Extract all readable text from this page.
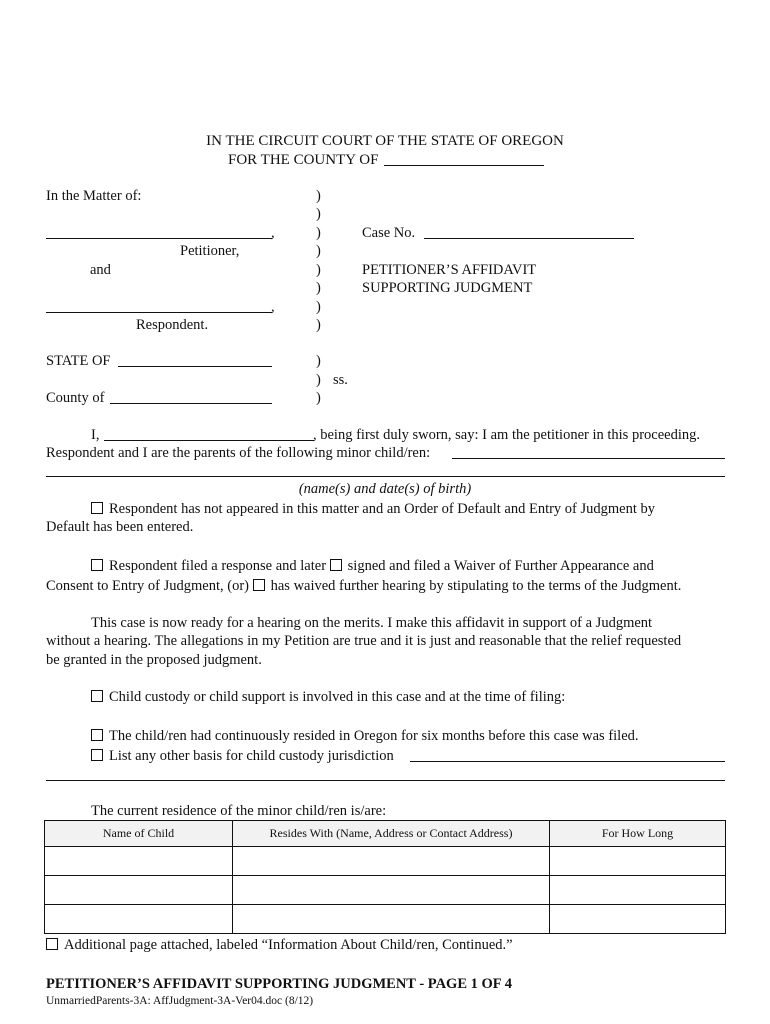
IN THE CIRCUIT COURT OF THE STATE OF OREGON
FOR THE COUNTY OF
In the Matter of:
,
Petitioner,
and
,
Respondent.
)
)
)
)
)
)
)
)
Case No.
PETITIONER’S AFFIDAVIT
SUPPORTING JUDGMENT
STATE OF	)
) ss.
)
County of
I,	, being first duly sworn, say: I am the petitioner in this proceeding.
Respondent and I are the parents of the following minor child/ren:
(name(s) and date(s) of birth)
Respondent has not appeared in this matter and an Order of Default and Entry of Judgment by
Default has been entered.
Respondent filed a response and later signed and filed a Waiver of Further Appearance and
Consent to Entry of Judgment, (or) has waived further hearing by stipulating to the terms of the Judgment.
This case is now ready for a hearing on the merits. I make this affidavit in support of a Judgment
without a hearing. The allegations in my Petition are true and it is just and reasonable that the relief requested
be granted in the proposed judgment.
Child custody or child support is involved in this case and at the time of filing:
The child/ren had continuously resided in Oregon for six months before this case was filed.
List any other basis for child custody jurisdiction
The current residence of the minor child/ren is/are:
Name of Child	Resides With (Name, Address or Contact Address)	For How Long

Additional page attached, labeled “Information About Child/ren, Continued.”
PETITIONER’S AFFIDAVIT SUPPORTING JUDGMENT - PAGE 1 OF 4
UnmarriedParents-3A: AffJudgment-3A-Ver04.doc (8/12)
